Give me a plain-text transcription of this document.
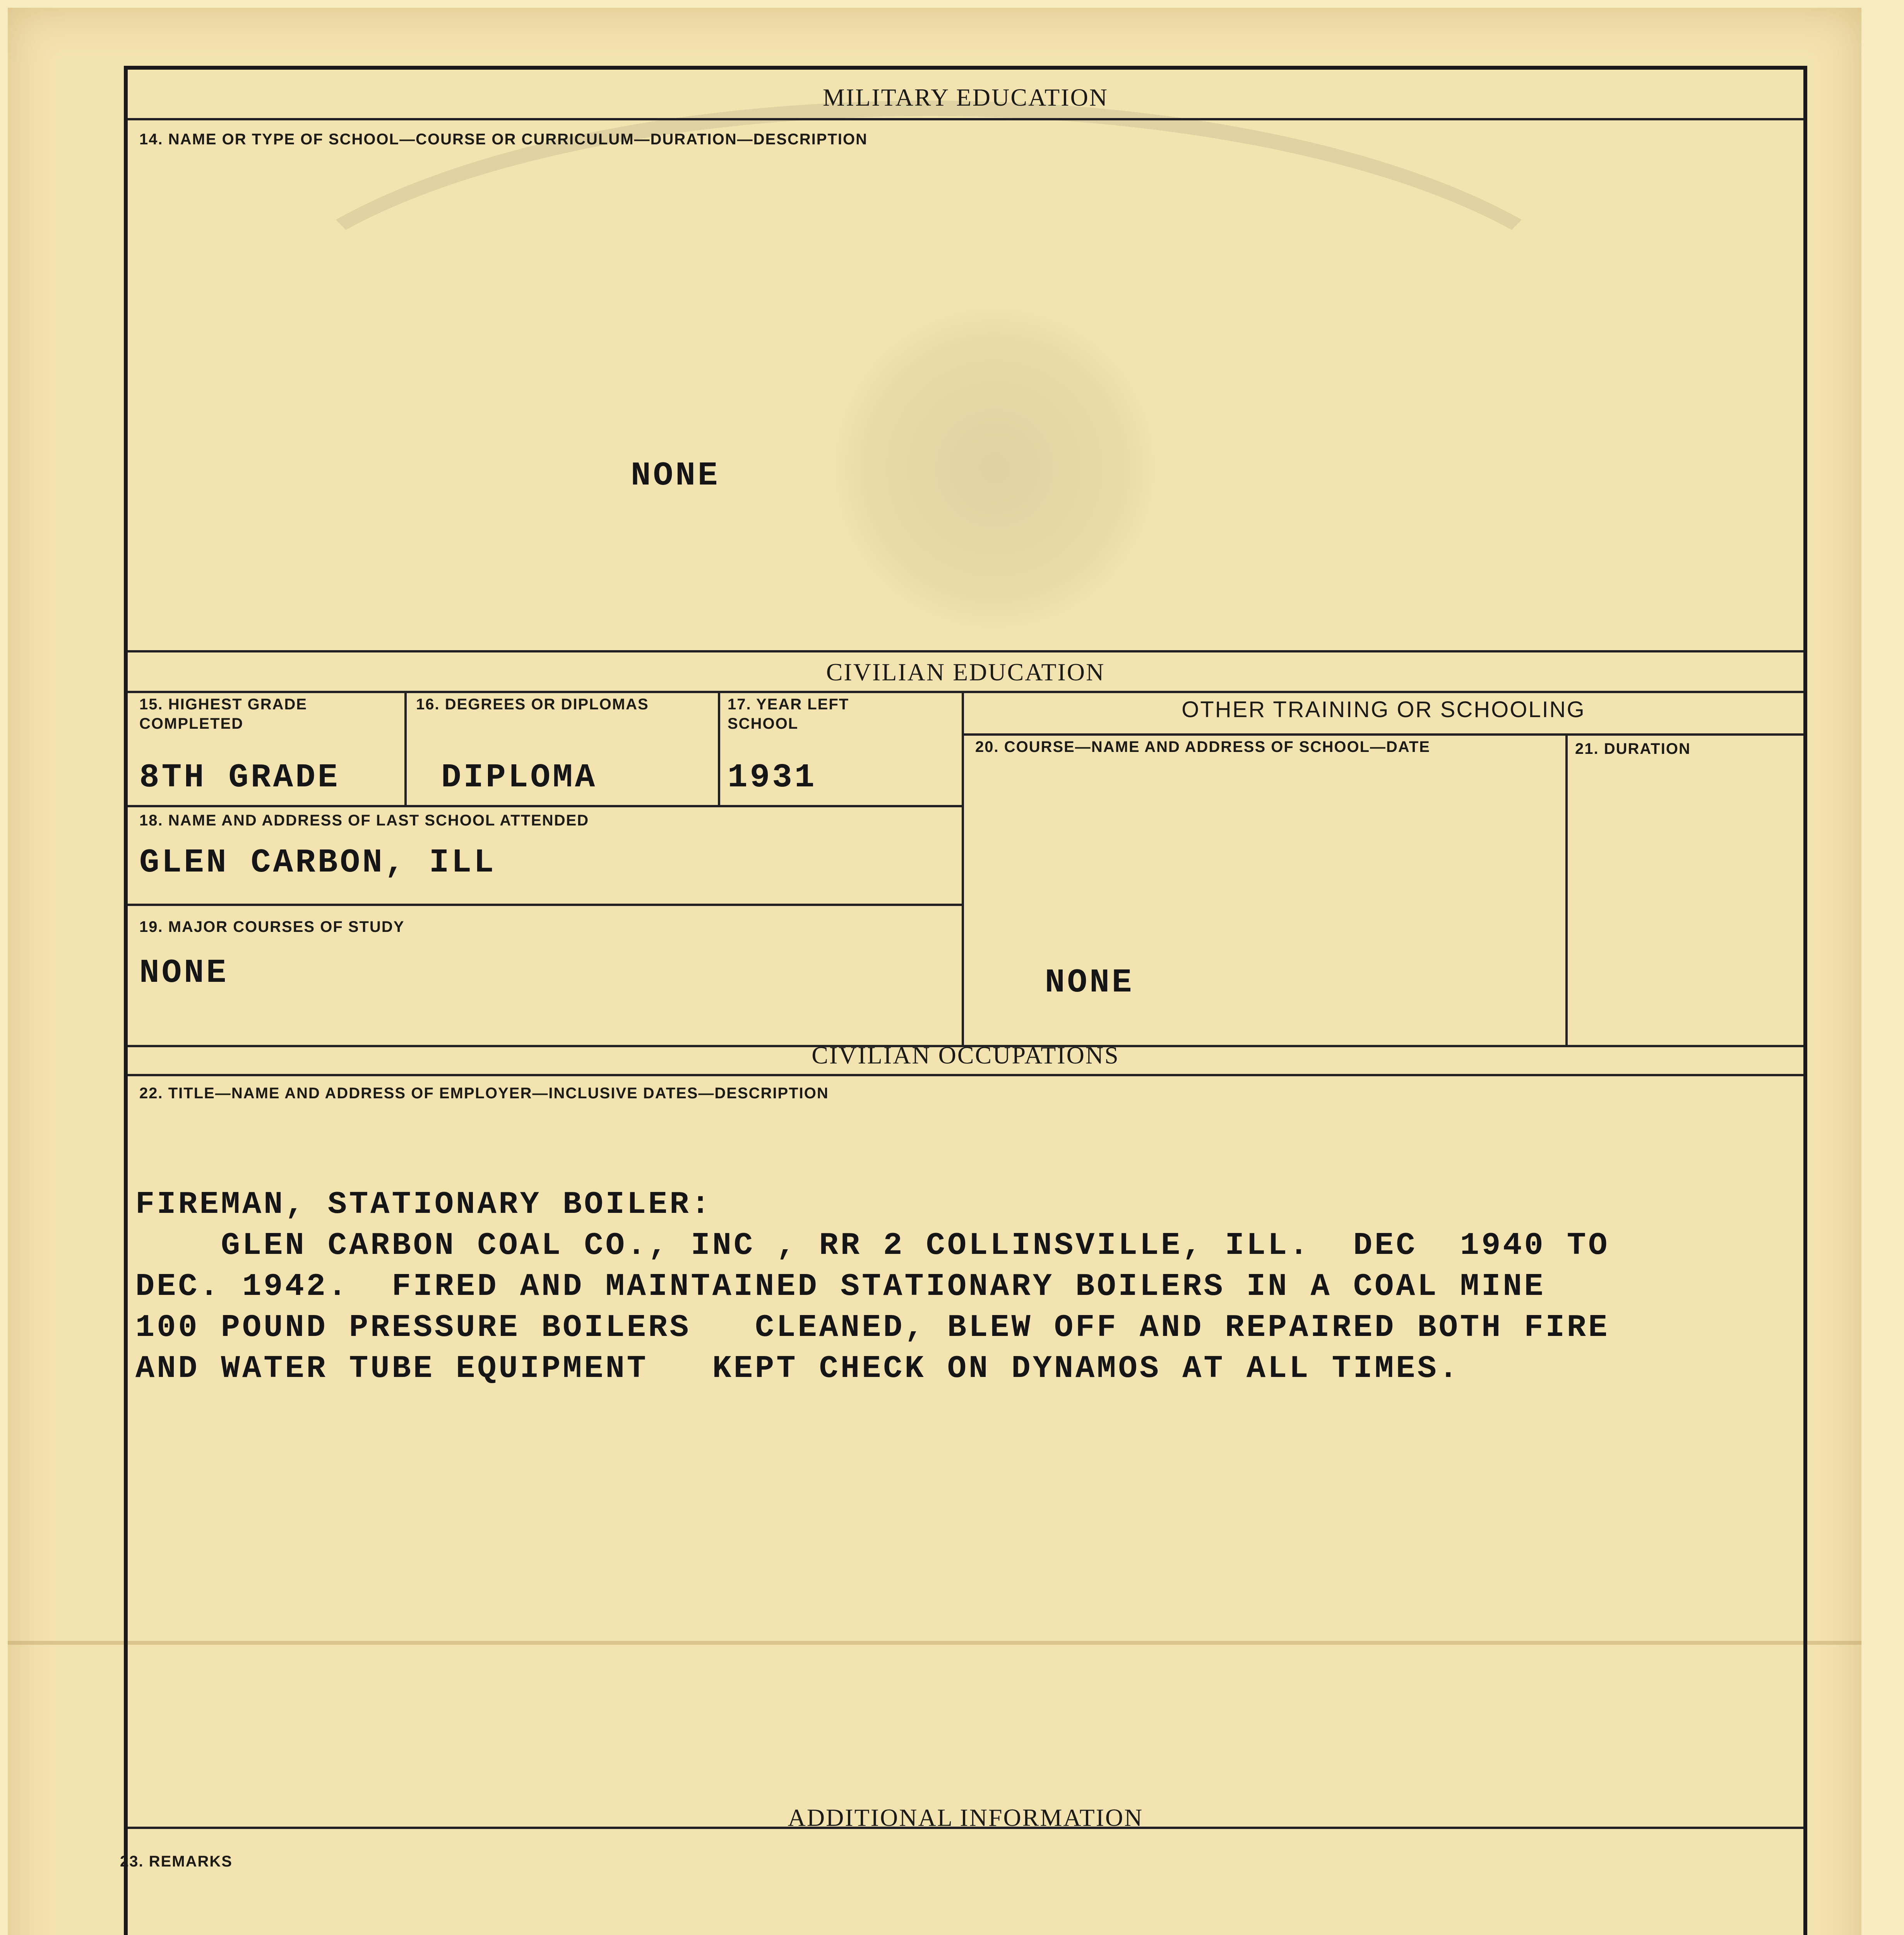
MILITARY EDUCATION
14. NAME OR TYPE OF SCHOOL—COURSE OR CURRICULUM—DURATION—DESCRIPTION
NONE
CIVILIAN EDUCATION
15. HIGHEST GRADE COMPLETED
8TH GRADE
16. DEGREES OR DIPLOMAS
DIPLOMA
17. YEAR LEFT SCHOOL
1931
OTHER TRAINING OR SCHOOLING
20. COURSE—NAME AND ADDRESS OF SCHOOL—DATE	21. DURATION
18. NAME AND ADDRESS OF LAST SCHOOL ATTENDED
GLEN CARBON, ILL
19. MAJOR COURSES OF STUDY
NONE	NONE
CIVILIAN OCCUPATIONS
22. TITLE—NAME AND ADDRESS OF EMPLOYER—INCLUSIVE DATES—DESCRIPTION
FIREMAN, STATIONARY BOILER:
GLEN CARBON COAL CO., INC , RR 2 COLLINSVILLE, ILL.  DEC  1940 TO
DEC. 1942.  FIRED AND MAINTAINED STATIONARY BOILERS IN A COAL MINE
100 POUND PRESSURE BOILERS   CLEANED, BLEW OFF AND REPAIRED BOTH FIRE
AND WATER TUBE EQUIPMENT   KEPT CHECK ON DYNAMOS AT ALL TIMES.
ADDITIONAL INFORMATION
23. REMARKS
